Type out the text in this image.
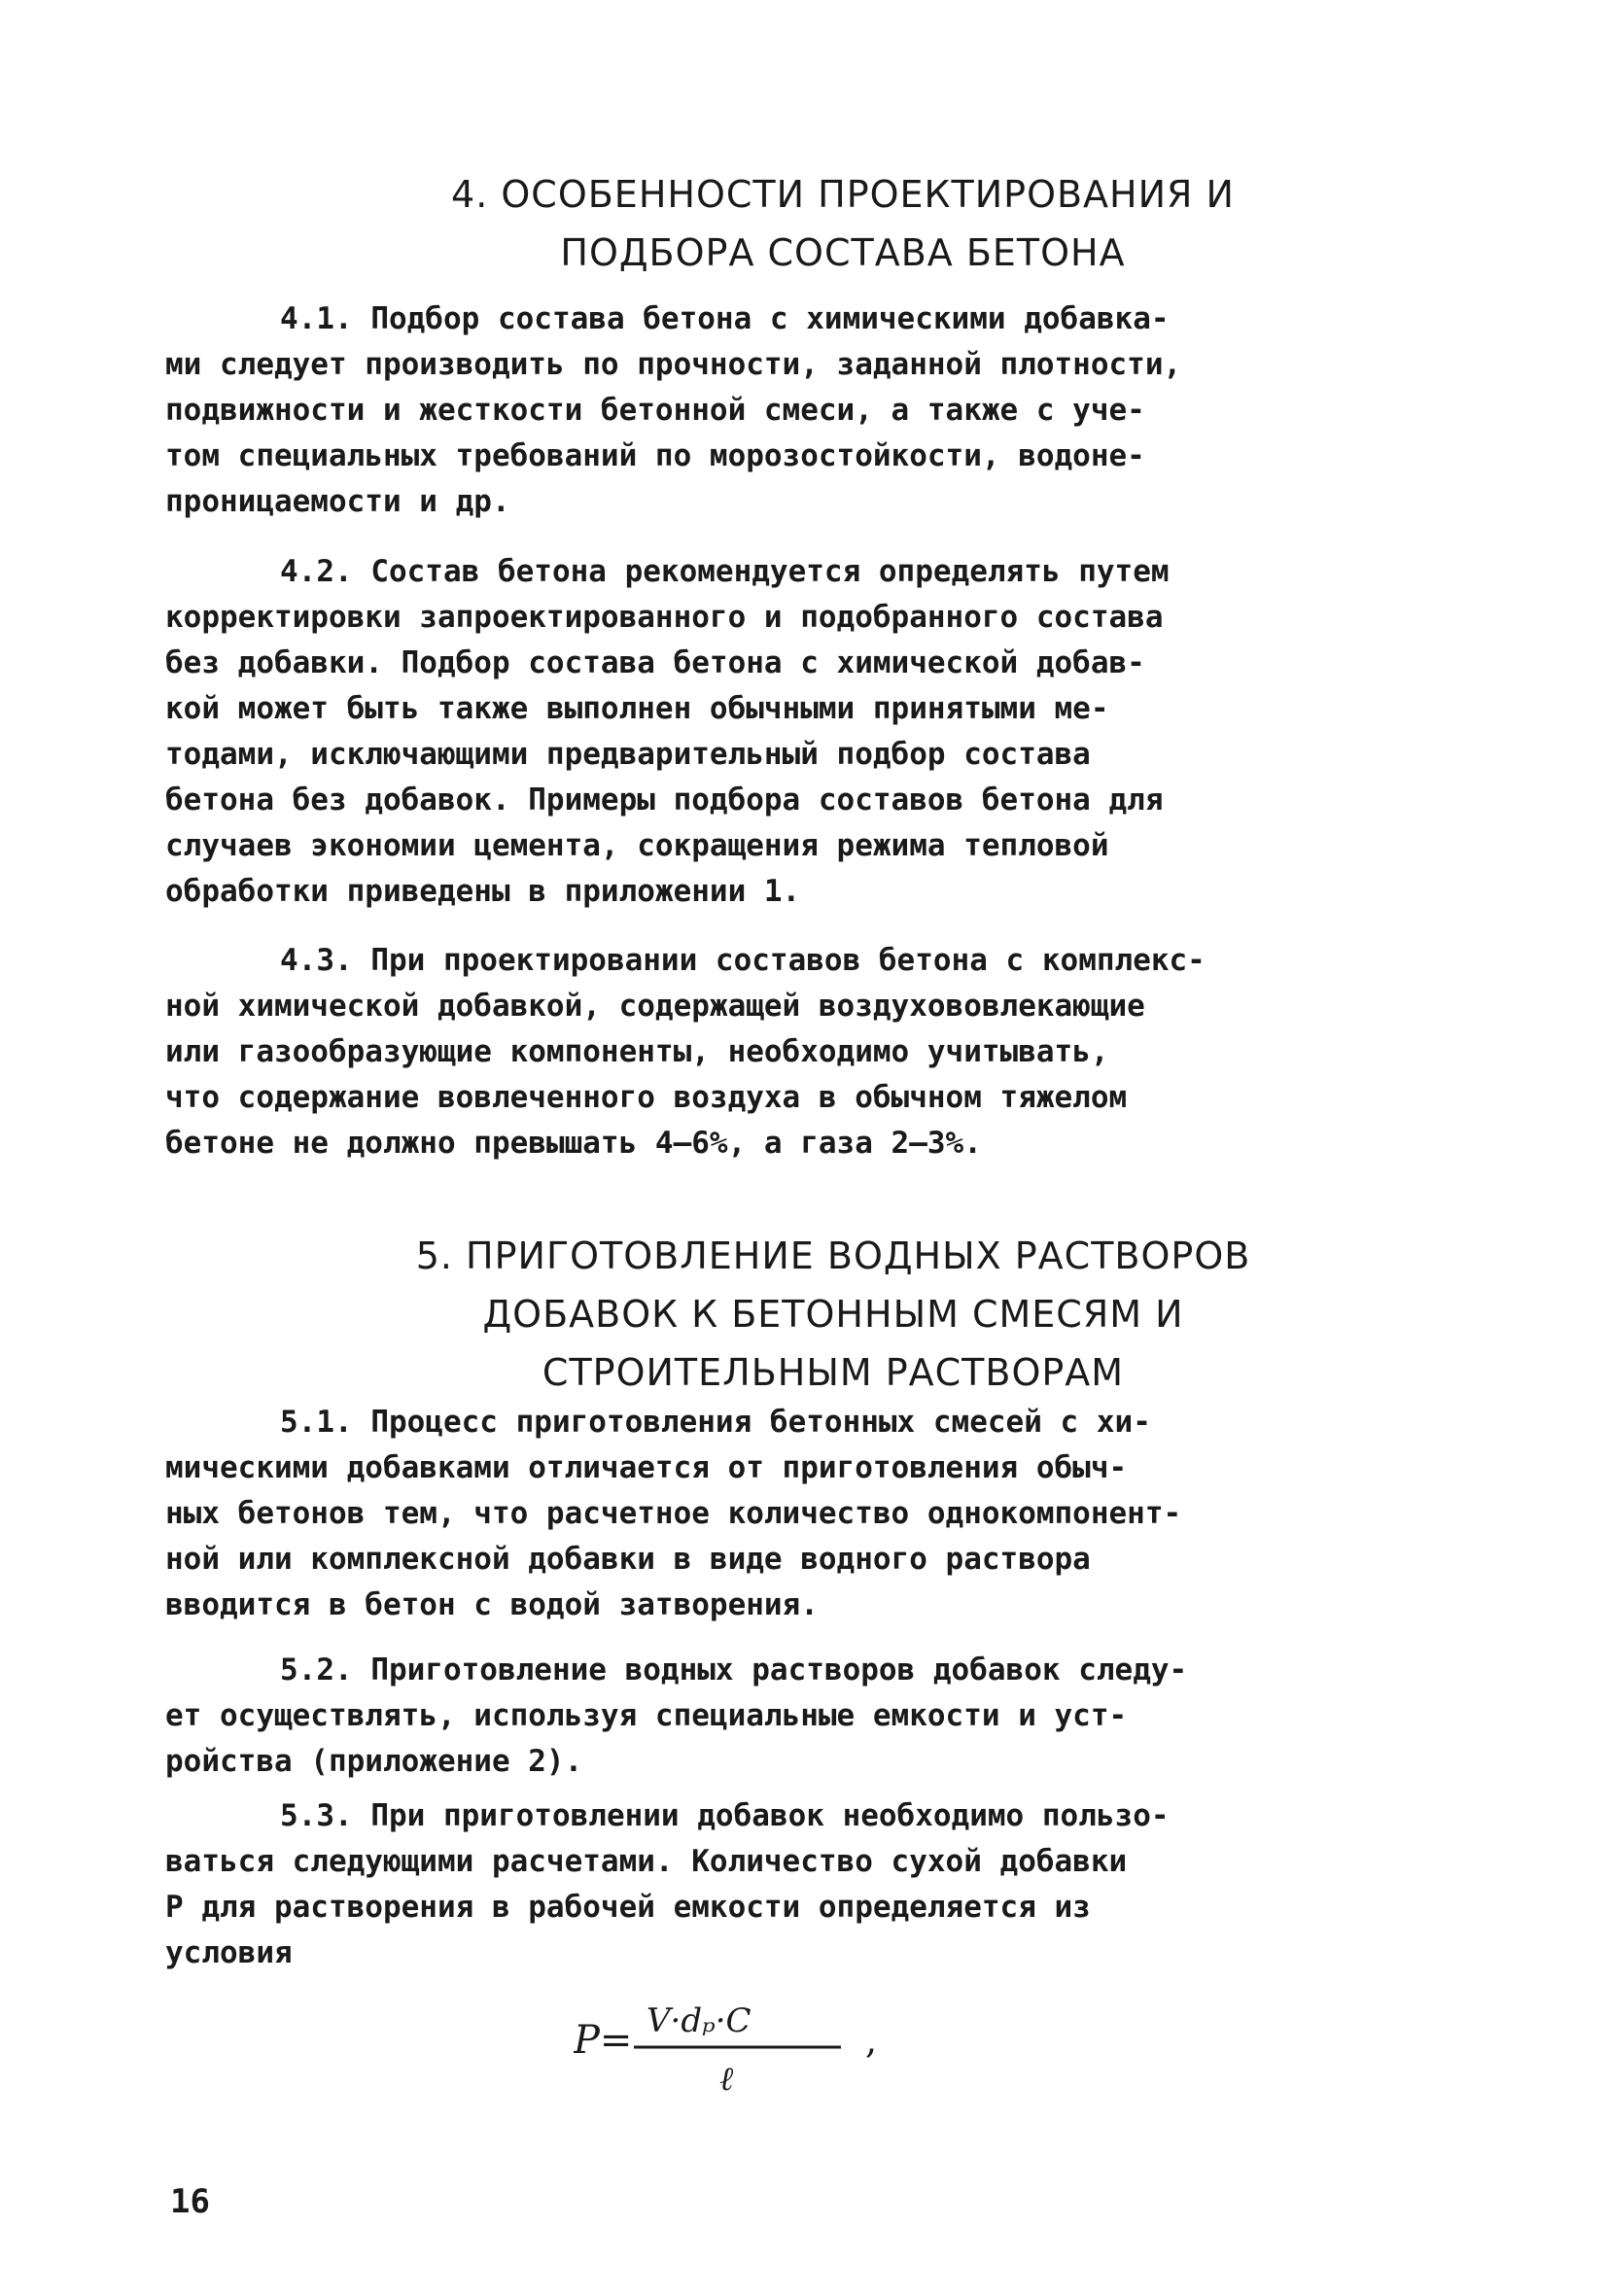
4. ОСОБЕННОСТИ ПРОЕКТИРОВАНИЯ И
ПОДБОРА СОСТАВА БЕТОНА
4.1. Подбор состава бетона с химическими добавка-
ми следует производить по прочности, заданной плотности,
подвижности и жесткости бетонной смеси, а также с уче-
том специальных требований по морозостойкости, водоне-
проницаемости и др.
4.2. Состав бетона рекомендуется определять путем
корректировки запроектированного и подобранного состава
без добавки. Подбор состава бетона с химической добав-
кой может быть также выполнен обычными принятыми ме-
тодами, исключающими предварительный подбор состава
бетона без добавок. Примеры подбора составов бетона для
случаев экономии цемента, сокращения режима тепловой
обработки приведены в приложении 1.
4.3. При проектировании составов бетона с комплекс-
ной химической добавкой, содержащей воздухововлекающие
или газообразующие компоненты, необходимо учитывать,
что содержание вовлеченного воздуха в обычном тяжелом
бетоне не должно превышать 4–6%, а газа 2–3%.
5. ПРИГОТОВЛЕНИЕ ВОДНЫХ РАСТВОРОВ
ДОБАВОК К БЕТОННЫМ СМЕСЯМ И
СТРОИТЕЛЬНЫМ РАСТВОРАМ
5.1. Процесс приготовления бетонных смесей с хи-
мическими добавками отличается от приготовления обыч-
ных бетонов тем, что расчетное количество однокомпонент-
ной или комплексной добавки в виде водного раствора
вводится в бетон с водой затворения.
5.2. Приготовление водных растворов добавок следу-
ет осуществлять, используя специальные емкости и уст-
ройства (приложение 2).
5.3. При приготовлении добавок необходимо пользо-
ваться следующими расчетами. Количество сухой добавки
P для растворения в рабочей емкости определяется из
условия
P= V·dₚ·C
ℓ
,
16
